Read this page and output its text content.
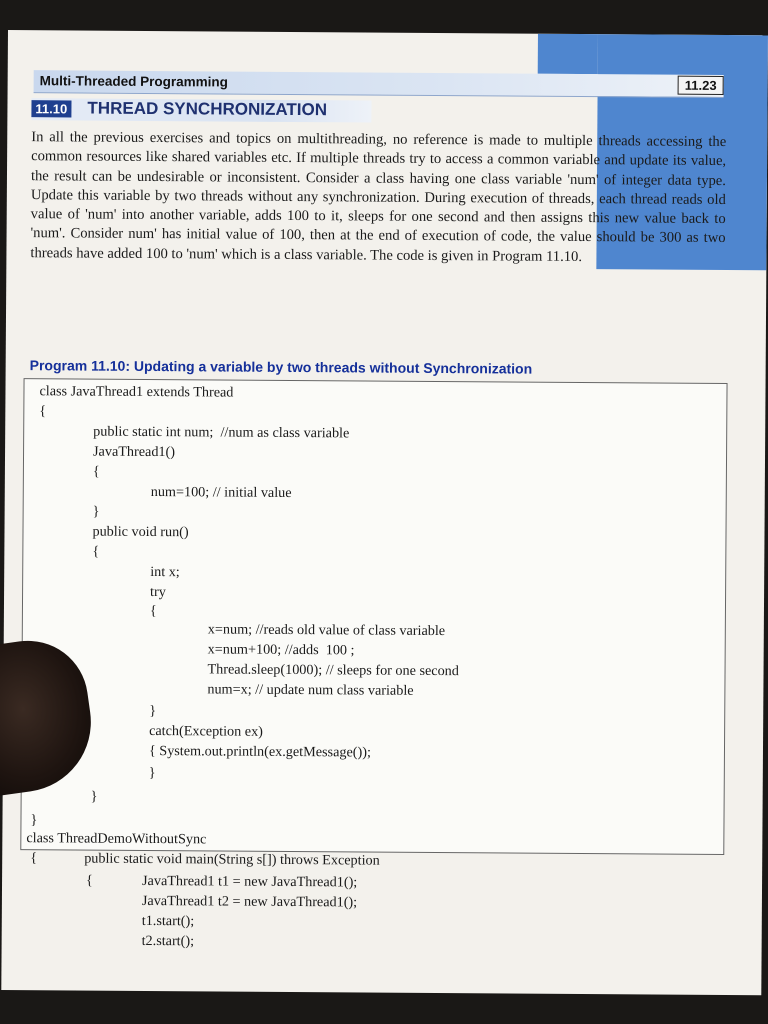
Multi-Threaded Programming	11.23
11.10 THREAD SYNCHRONIZATION

In all the previous exercises and topics on multithreading, no reference is made to multiple threads accessing the common resources like shared variables etc. If multiple threads try to access a common variable and update its value, the result can be undesirable or inconsistent. Consider a class having one class variable 'num' of integer data type. Update this variable by two threads without any synchronization. During execution of threads, each thread reads old value of 'num' into another variable, adds 100 to it, sleeps for one second and then assigns this new value back to 'num'. Consider num' has initial value of 100, then at the end of execution of code, the value should be 300 as two threads have added 100 to 'num' which is a class variable. The code is given in Program 11.10.

Program 11.10: Updating a variable by two threads without Synchronization
class JavaThread1 extends Thread
{
public static int num;  //num as class variable
JavaThread1()
{
num=100; // initial value
}
public void run()
{
int x;
try
{
x=num; //reads old value of class variable
x=num+100; //adds  100 ;
Thread.sleep(1000); // sleeps for one second
num=x; // update num class variable
}
catch(Exception ex)
{ System.out.println(ex.getMessage());
}
}
}
class ThreadDemoWithoutSync
{	public static void main(String s[]) throws Exception
{	JavaThread1 t1 = new JavaThread1();
JavaThread1 t2 = new JavaThread1();
t1.start();
t2.start();
